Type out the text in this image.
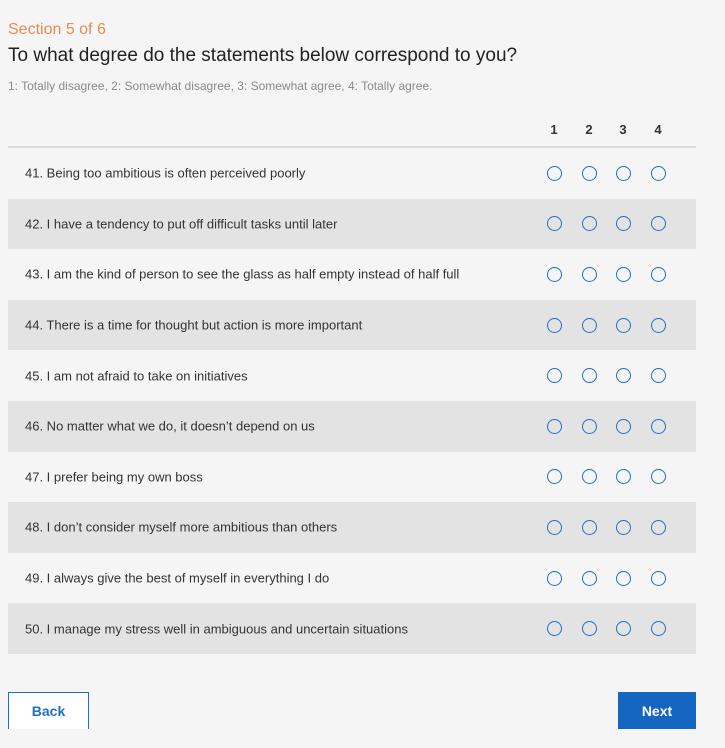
Section 5 of 6
To what degree do the statements below correspond to you?
1: Totally disagree, 2: Somewhat disagree, 3: Somewhat agree, 4: Totally agree.
1	2	3	4
41. Being too ambitious is often perceived poorly
42. I have a tendency to put off difficult tasks until later
43. I am the kind of person to see the glass as half empty instead of half full
44. There is a time for thought but action is more important
45. I am not afraid to take on initiatives
46. No matter what we do, it doesn’t depend on us
47. I prefer being my own boss
48. I don’t consider myself more ambitious than others
49. I always give the best of myself in everything I do
50. I manage my stress well in ambiguous and uncertain situations
Back	Next
